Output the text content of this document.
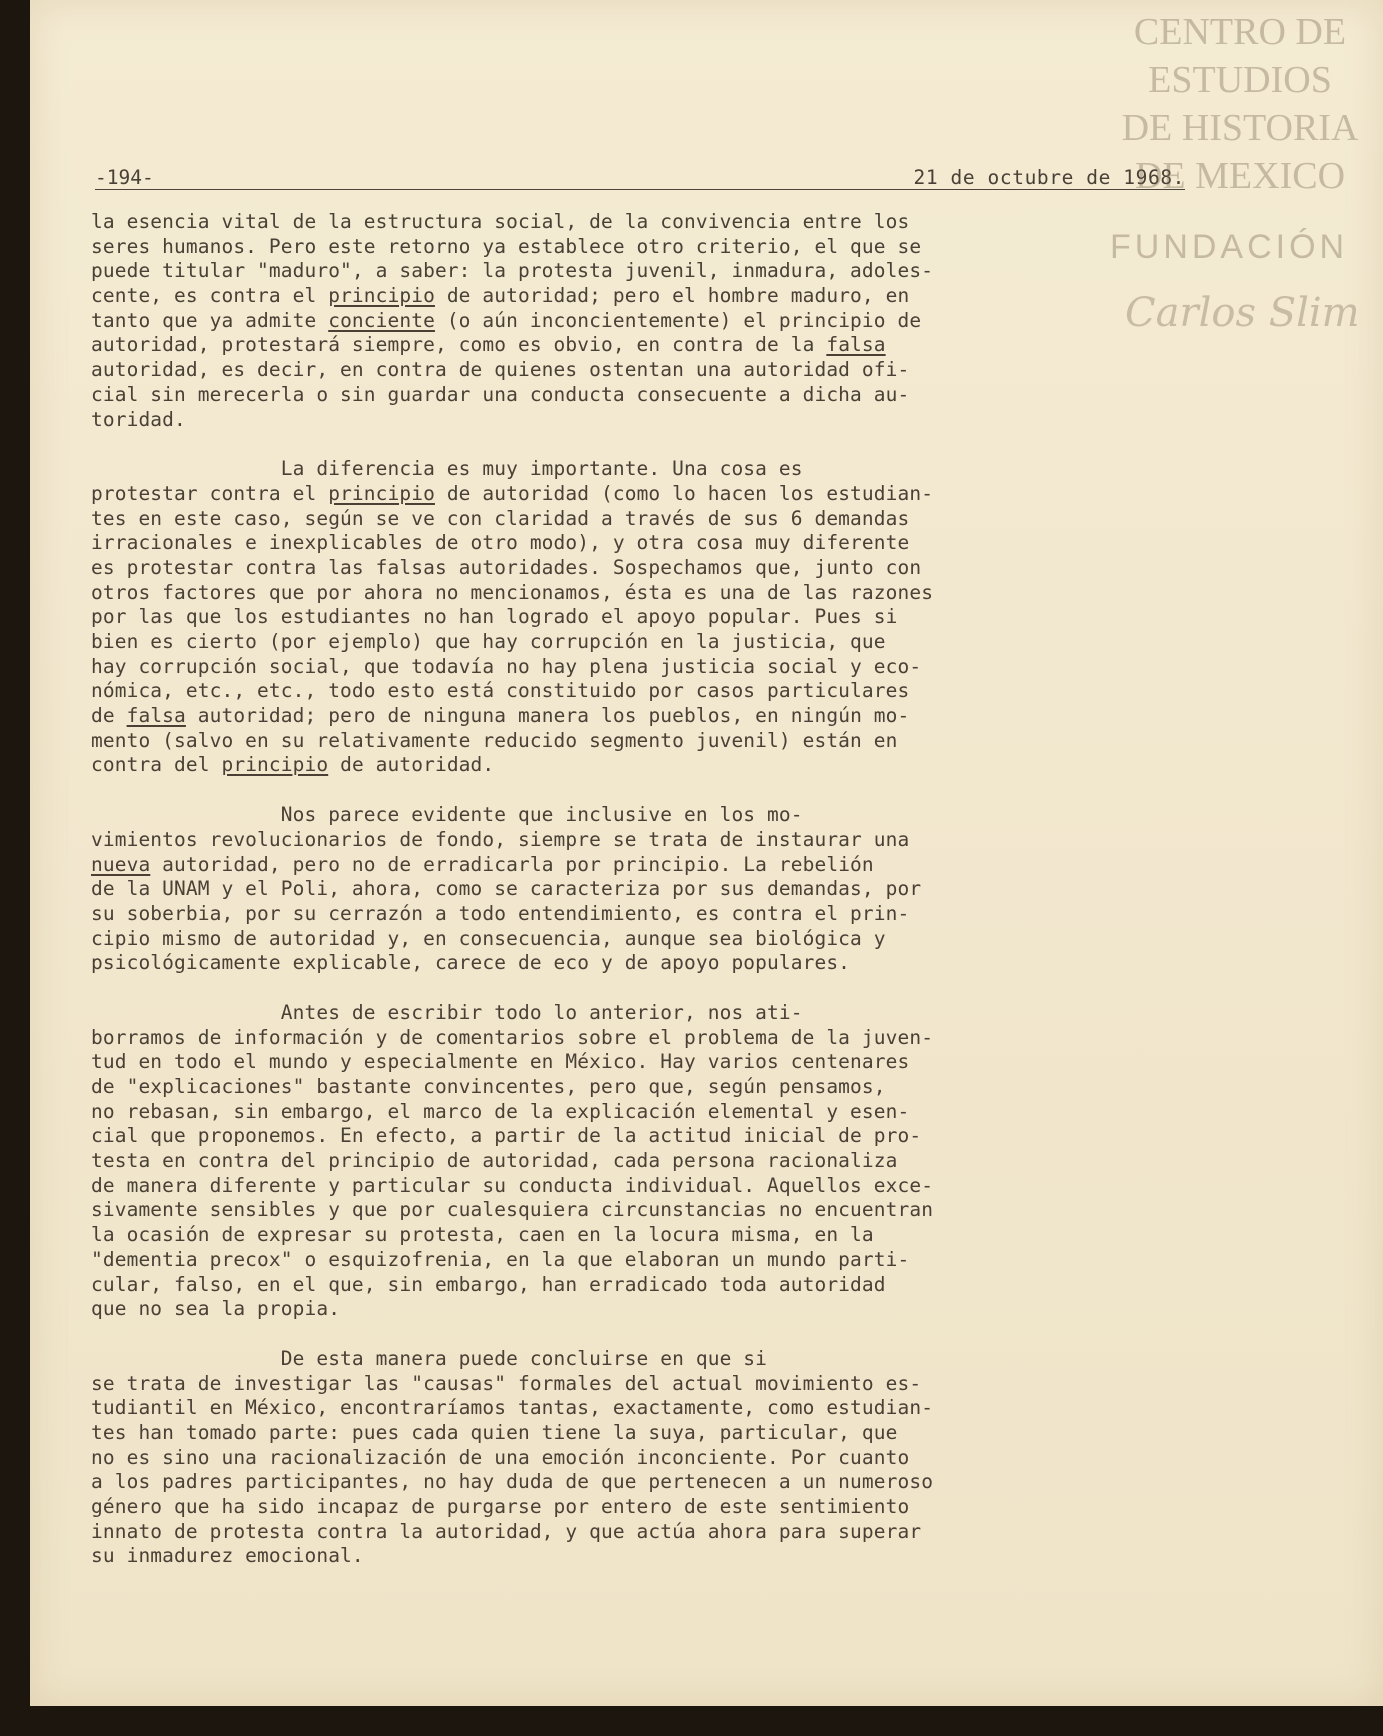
-194-	21 de octubre de 1968.
la esencia vital de la estructura social, de la convivencia entre los
seres humanos. Pero este retorno ya establece otro criterio, el que se
puede titular "maduro", a saber: la protesta juvenil, inmadura, adoles-
cente, es contra el principio de autoridad; pero el hombre maduro, en
tanto que ya admite conciente (o aún inconcientemente) el principio de
autoridad, protestará siempre, como es obvio, en contra de la falsa
autoridad, es decir, en contra de quienes ostentan una autoridad ofi-
cial sin merecerla o sin guardar una conducta consecuente a dicha au-
toridad.
La diferencia es muy importante. Una cosa es
protestar contra el principio de autoridad (como lo hacen los estudian-
tes en este caso, según se ve con claridad a través de sus 6 demandas
irracionales e inexplicables de otro modo), y otra cosa muy diferente
es protestar contra las falsas autoridades. Sospechamos que, junto con
otros factores que por ahora no mencionamos, ésta es una de las razones
por las que los estudiantes no han logrado el apoyo popular. Pues si
bien es cierto (por ejemplo) que hay corrupción en la justicia, que
hay corrupción social, que todavía no hay plena justicia social y eco-
nómica, etc., etc., todo esto está constituido por casos particulares
de falsa autoridad; pero de ninguna manera los pueblos, en ningún mo-
mento (salvo en su relativamente reducido segmento juvenil) están en
contra del principio de autoridad.
Nos parece evidente que inclusive en los mo-
vimientos revolucionarios de fondo, siempre se trata de instaurar una
nueva autoridad, pero no de erradicarla por principio. La rebelión
de la UNAM y el Poli, ahora, como se caracteriza por sus demandas, por
su soberbia, por su cerrazón a todo entendimiento, es contra el prin-
cipio mismo de autoridad y, en consecuencia, aunque sea biológica y
psicológicamente explicable, carece de eco y de apoyo populares.
Antes de escribir todo lo anterior, nos ati-
borramos de información y de comentarios sobre el problema de la juven-
tud en todo el mundo y especialmente en México. Hay varios centenares
de "explicaciones" bastante convincentes, pero que, según pensamos,
no rebasan, sin embargo, el marco de la explicación elemental y esen-
cial que proponemos. En efecto, a partir de la actitud inicial de pro-
testa en contra del principio de autoridad, cada persona racionaliza
de manera diferente y particular su conducta individual. Aquellos exce-
sivamente sensibles y que por cualesquiera circunstancias no encuentran
la ocasión de expresar su protesta, caen en la locura misma, en la
"dementia precox" o esquizofrenia, en la que elaboran un mundo parti-
cular, falso, en el que, sin embargo, han erradicado toda autoridad
que no sea la propia.
De esta manera puede concluirse en que si
se trata de investigar las "causas" formales del actual movimiento es-
tudiantil en México, encontraríamos tantas, exactamente, como estudian-
tes han tomado parte: pues cada quien tiene la suya, particular, que
no es sino una racionalización de una emoción inconciente. Por cuanto
a los padres participantes, no hay duda de que pertenecen a un numeroso
género que ha sido incapaz de purgarse por entero de este sentimiento
innato de protesta contra la autoridad, y que actúa ahora para superar
su inmadurez emocional.
CENTRO DE
ESTUDIOS
DE HISTORIA
DE MEXICO
FUNDACIÓN
Carlos Slim
